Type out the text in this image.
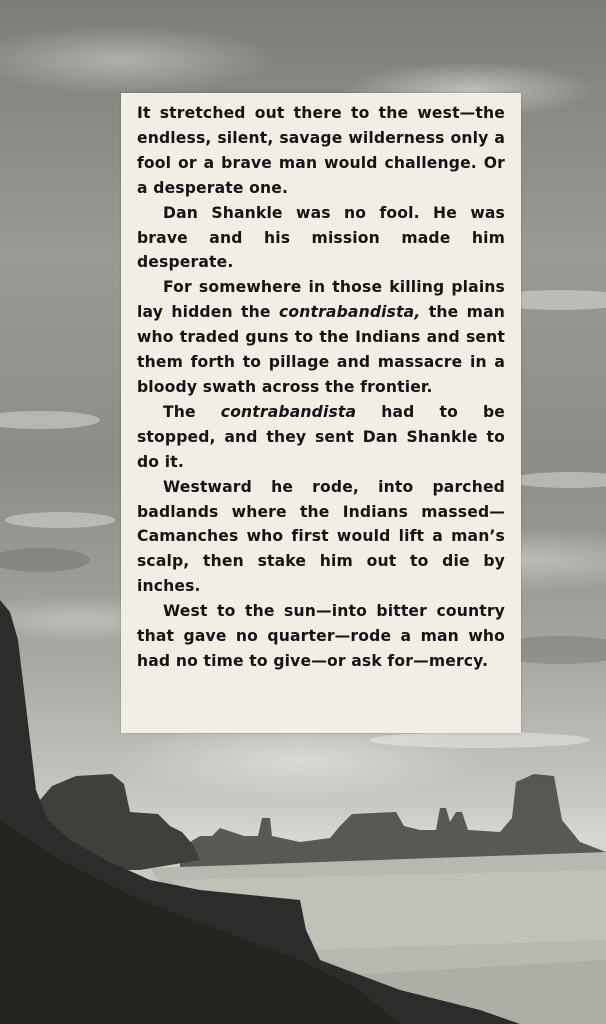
It stretched out there to the west—the endless, silent, savage wilderness only a fool or a brave man would challenge. Or a desperate one.

Dan Shankle was no fool. He was brave and his mission made him desperate.

For somewhere in those killing plains lay hidden the contrabandista, the man who traded guns to the Indians and sent them forth to pillage and massacre in a bloody swath across the frontier.

The contrabandista had to be stopped, and they sent Dan Shankle to do it.

Westward he rode, into parched badlands where the Indians massed—Camanches who first would lift a man’s scalp, then stake him out to die by inches.

West to the sun—into bitter country that gave no quarter—rode a man who had no time to give—or ask for—mercy.
